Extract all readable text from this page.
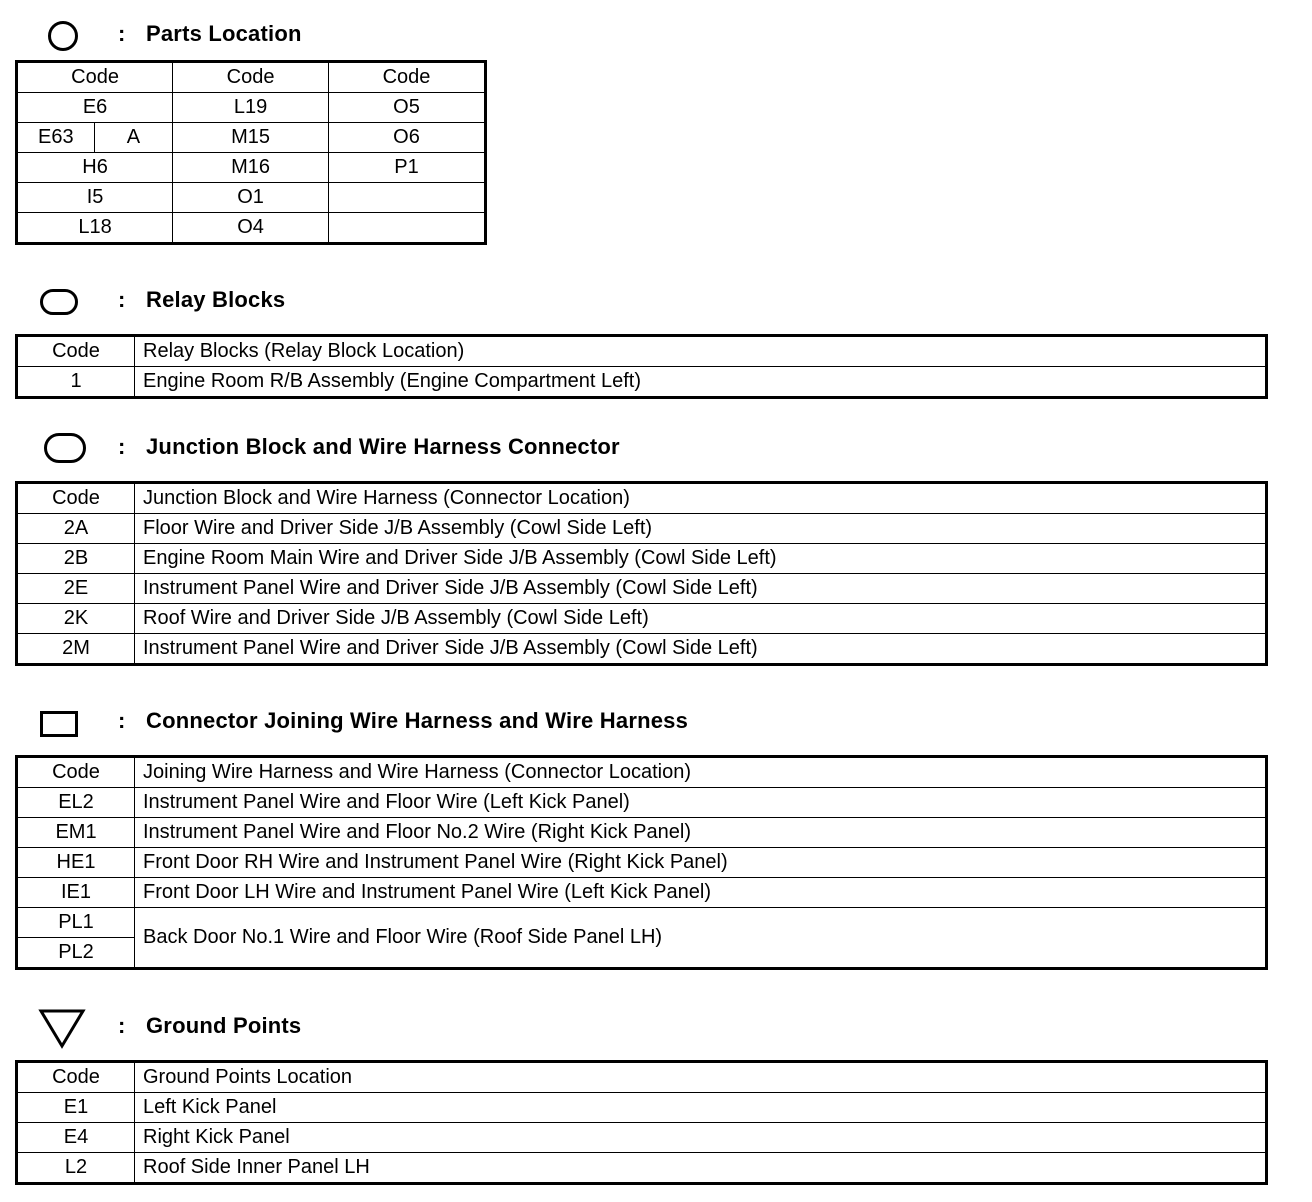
: Parts Location
Code		Code	Code
E6		L19	O5
E63	A	M15	O6
H6		M16	P1
I5		O1	
L18		O4	
: Relay Blocks
Code	Relay Blocks (Relay Block Location)
1	Engine Room R/B Assembly (Engine Compartment Left)
: Junction Block and Wire Harness Connector
Code	Junction Block and Wire Harness (Connector Location)
2A	Floor Wire and Driver Side J/B Assembly (Cowl Side Left)
2B	Engine Room Main Wire and Driver Side J/B Assembly (Cowl Side Left)
2E	Instrument Panel Wire and Driver Side J/B Assembly (Cowl Side Left)
2K	Roof Wire and Driver Side J/B Assembly (Cowl Side Left)
2M	Instrument Panel Wire and Driver Side J/B Assembly (Cowl Side Left)
: Connector Joining Wire Harness and Wire Harness
Code	Joining Wire Harness and Wire Harness (Connector Location)
EL2	Instrument Panel Wire and Floor Wire (Left Kick Panel)
EM1	Instrument Panel Wire and Floor No.2 Wire (Right Kick Panel)
HE1	Front Door RH Wire and Instrument Panel Wire (Right Kick Panel)
IE1	Front Door LH Wire and Instrument Panel Wire (Left Kick Panel)
PL1	Back Door No.1 Wire and Floor Wire (Roof Side Panel LH)
PL2	
: Ground Points
Code	Ground Points Location
E1	Left Kick Panel
E4	Right Kick Panel
L2	Roof Side Inner Panel LH
